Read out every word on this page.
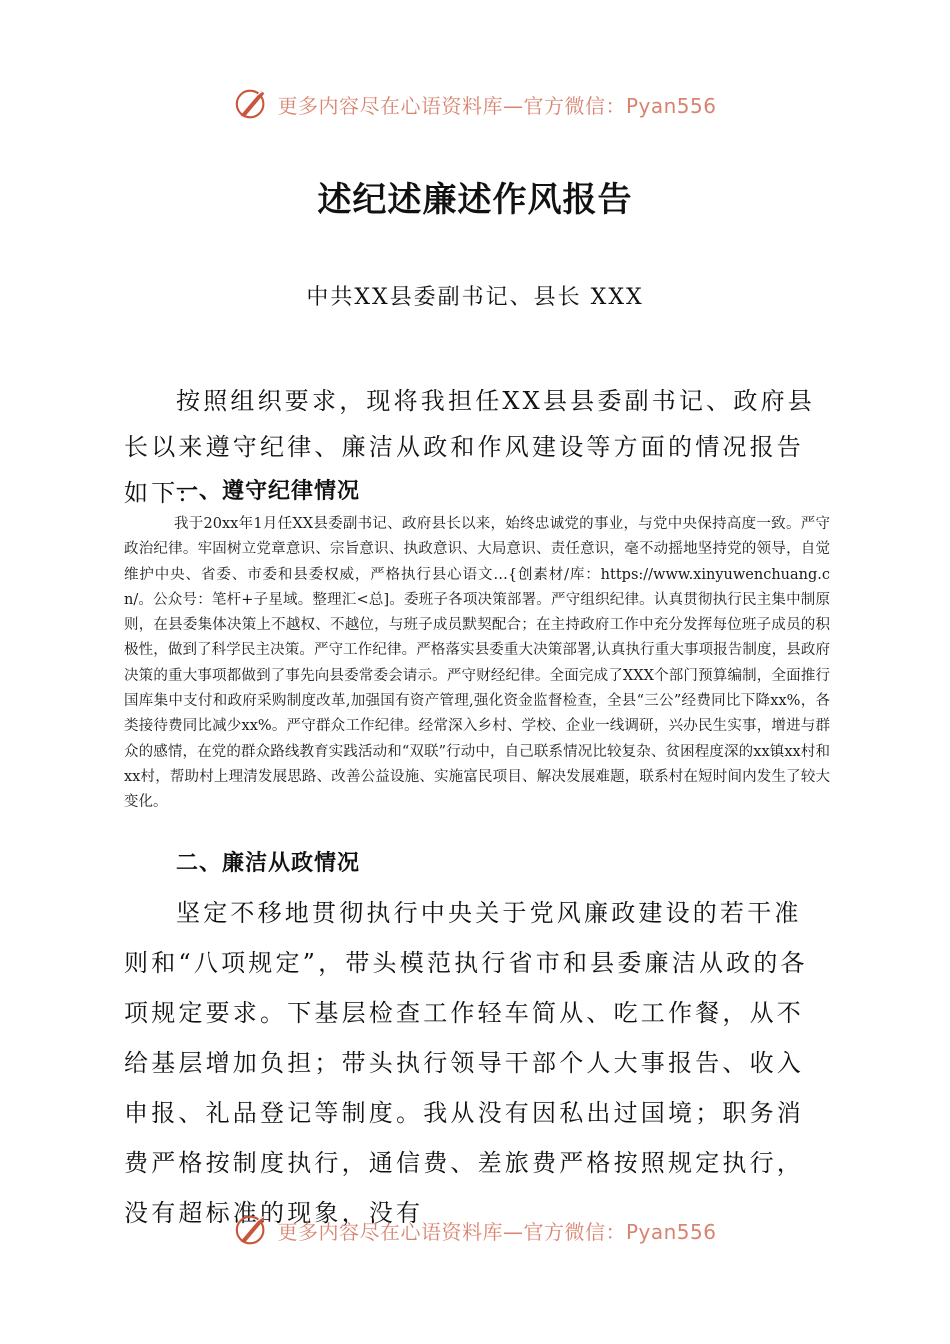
更多内容尽在心语资料库—官方微信：Pyan556
述纪述廉述作风报告
中共XX县委副书记、县长 XXX
按照组织要求，现将我担任XX县县委副书记、政府县长以来遵守纪律、廉洁从政和作风建设等方面的情况报告如下:
一、遵守纪律情况
我于20xx年1月任XX县委副书记、政府县长以来，始终忠诚党的事业，与党中央保持高度一致。严守政治纪律。牢固树立党章意识、宗旨意识、执政意识、大局意识、责任意识，毫不动摇地坚持党的领导，自觉维护中央、省委、市委和县委权威，严格执行县心语文…{创素材/库：https://www.xinyuwenchuang.cn/。公众号：笔杆+子星域。整理汇<总]。委班子各项决策部署。严守组织纪律。认真贯彻执行民主集中制原则，在县委集体决策上不越权、不越位，与班子成员默契配合；在主持政府工作中充分发挥每位班子成员的积极性，做到了科学民主决策。严守工作纪律。严格落实县委重大决策部署,认真执行重大事项报告制度，县政府决策的重大事项都做到了事先向县委常委会请示。严守财经纪律。全面完成了XXX个部门预算编制，全面推行国库集中支付和政府采购制度改革,加强国有资产管理,强化资金监督检查，全县“三公”经费同比下降xx%，各类接待费同比减少xx%。严守群众工作纪律。经常深入乡村、学校、企业一线调研，兴办民生实事，增进与群众的感情，在党的群众路线教育实践活动和“双联”行动中，自己联系情况比较复杂、贫困程度深的xx镇xx村和xx村，帮助村上理清发展思路、改善公益设施、实施富民项目、解决发展难题，联系村在短时间内发生了较大变化。
二、廉洁从政情况
坚定不移地贯彻执行中央关于党风廉政建设的若干准则和“八项规定”，带头模范执行省市和县委廉洁从政的各项规定要求。下基层检查工作轻车简从、吃工作餐，从不给基层增加负担；带头执行领导干部个人大事报告、收入申报、礼品登记等制度。我从没有因私出过国境；职务消费严格按制度执行，通信费、差旅费严格按照规定执行，没有超标准的现象，没有
更多内容尽在心语资料库—官方微信：Pyan556
